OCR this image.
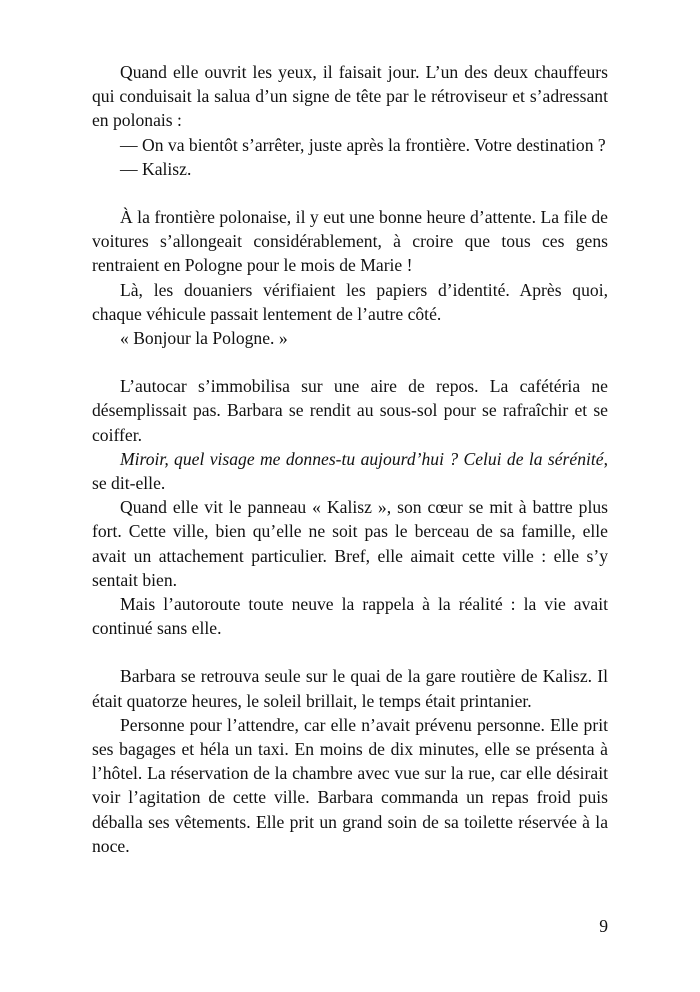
Quand elle ouvrit les yeux, il faisait jour. L’un des deux chauffeurs qui conduisait la salua d’un signe de tête par le rétroviseur et s’adressant en polonais :

— On va bientôt s’arrêter, juste après la frontière. Votre destination ?

— Kalisz.

À la frontière polonaise, il y eut une bonne heure d’attente. La file de voitures s’allongeait considérablement, à croire que tous ces gens rentraient en Pologne pour le mois de Marie !

Là, les douaniers vérifiaient les papiers d’identité. Après quoi, chaque véhicule passait lentement de l’autre côté.

« Bonjour la Pologne. »

L’autocar s’immobilisa sur une aire de repos. La cafétéria ne désemplissait pas. Barbara se rendit au sous-sol pour se rafraîchir et se coiffer.

Miroir, quel visage me donnes-tu aujourd’hui ? Celui de la sérénité, se dit-elle.

Quand elle vit le panneau « Kalisz », son cœur se mit à battre plus fort. Cette ville, bien qu’elle ne soit pas le berceau de sa famille, elle avait un attachement particulier. Bref, elle aimait cette ville : elle s’y sentait bien.

Mais l’autoroute toute neuve la rappela à la réalité : la vie avait continué sans elle.

Barbara se retrouva seule sur le quai de la gare routière de Kalisz. Il était quatorze heures, le soleil brillait, le temps était printanier.

Personne pour l’attendre, car elle n’avait prévenu personne. Elle prit ses bagages et héla un taxi. En moins de dix minutes, elle se présenta à l’hôtel. La réservation de la chambre avec vue sur la rue, car elle désirait voir l’agitation de cette ville. Barbara commanda un repas froid puis déballa ses vêtements. Elle prit un grand soin de sa toilette réservée à la noce.

9
